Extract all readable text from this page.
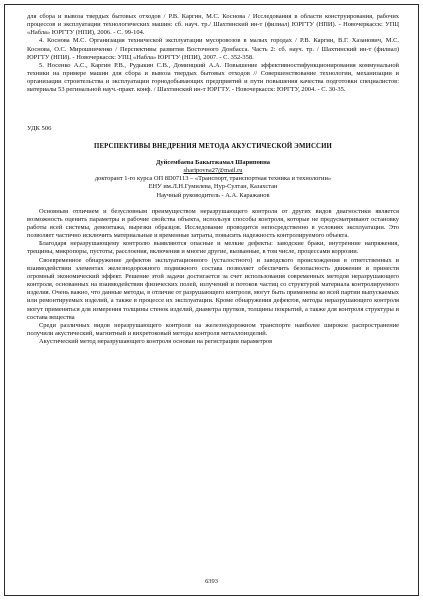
для сбора и вывоза твердых бытовых отходов / Р.В. Каргин, М.С. Коснова / Исследования в области конструирования, рабочих процессов и эксплуатации технологических машин: сб. науч. тр./ Шахтинский ин-т (филиал) ЮРГТУ (НПИ). - Новочеркасск: УПЦ «Набла» ЮРГТУ (НПИ), 2006. - С. 99-104.

4. Коснова М.С. Организация технической эксплуатации мусоровозов в малых городах / Р.В. Каргин, В.Г. Хазанович, М.С. Коснова, О.С. Мирошниченко / Перспективы развития Восточного Донбасса. Часть 2: сб. науч. тр. / Шахтинский ин-т (филиал) ЮРГТУ (НПИ). - Новочеркасск: УПЦ «Набла» ЮРГТУ (НПИ), 2007. - С. 352-358.

5. Носенко А.С., Каргин Р.В., Рудыкин С.В., Доминцкий А.А. Повышение эффективностифункционирования коммунальной техники на примере машин для сбора и вывоза твердых бытовых отходов // Совершенствование технологии, механизации и организации строительства и эксплуатации горнодобывающих предприятий и пути повышения качества подготовки специалистов: материалы 53 регинальной науч.-практ. конф. / Шахтинский ин-т ЮРГТУ. - Новочеркасск: ЮРГТУ, 2004. - С. 30-35.

УДК 506

ПЕРСПЕКТИВЫ ВНЕДРЕНИЯ МЕТОДА АКУСТИЧЕСКОЙ ЭМИССИИ

Дуйсембаева Бакытжамал Шариповна

sharipovna27@mail.ru

докторант 1-го курса ОП 8D07113 – «Транспорт, транспортная техника и технологии»

ЕНУ им.Л.Н.Гумилева, Нур-Султан, Казахстан

Научный руководитель - А.А. Каражанов

Основным отличием и безусловным преимуществом неразрушающего контроля от других видов диагностики является возможность оценить параметры и рабочие свойства объекта, используя способы контроля, которые не предусматривают остановку работы всей системы, демонтажа, вырезки образцов. Исследование проводится непосредственно в условиях эксплуатации. Это позволяет частично исключить материальные и временные затраты, повысить надежность контролируемого объекта.

Благодаря неразрушающему контролю выявляются опасные и мелкие дефекты: заводские браки, внутренние напряжения, трещины, микропоры, пустоты, расслоения, включения и многие другие, вызванные, в том числе, процессами коррозии.

Своевременное обнаружение дефектов эксплуатационного (усталостного) и заводского происхождения в ответственных и взаимодействии элементах железнодорожного подвижного состава позволяет обеспечить безопасность движения и принести огромный экономический эффект. Решение этой задачи достигается за счет использования современных методов неразрушающего контроля, основанных на взаимодействии физических полей, излучений и потоков частиц со структурой материала контролируемого изделия. Очень важно, что данные методы, в отличие от разрушающего контроля, могут быть применены ко всей партии выпускаемых или ремонтируемых изделий, а также в процессе их эксплуатации. Кроме обнаружения дефектов, методы неразрушающего контроля могут применяться для измерения толщины стенок изделий, диаметра прутков, толщины покрытий, а также для контроля структуры и состава вещества

Среди различных видов неразрушающего контроля на железнодорожном транспорте наиболее широкое распространение получили акустический, магнитный и вихретоковый методы контроля металлоизделий.

Акустический метод неразрушающего контроля основан на регистрации параметров

6393
